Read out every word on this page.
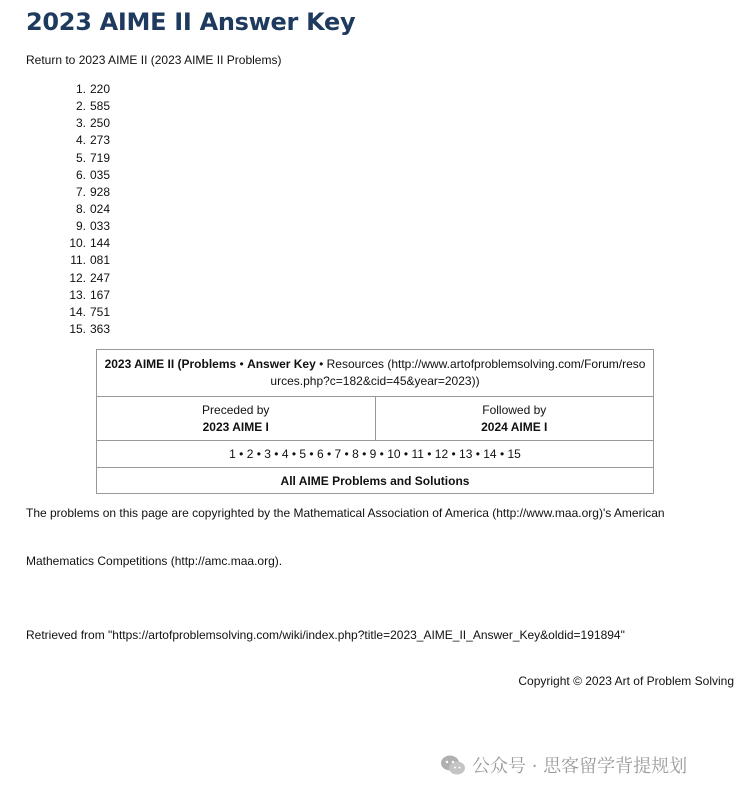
2023 AIME II Answer Key
Return to 2023 AIME II (2023 AIME II Problems)
1. 220
2. 585
3. 250
4. 273
5. 719
6. 035
7. 928
8. 024
9. 033
10. 144
11. 081
12. 247
13. 167
14. 751
15. 363
2023 AIME II (Problems • Answer Key • Resources (http://www.artofproblemsolving.com/Forum/resources.php?c=182&cid=45&year=2023))

Preceded by
2023 AIME I

Followed by
2024 AIME I

1 • 2 • 3 • 4 • 5 • 6 • 7 • 8 • 9 • 10 • 11 • 12 • 13 • 14 • 15
All AIME Problems and Solutions
The problems on this page are copyrighted by the Mathematical Association of America (http://www.maa.org)'s American
Mathematics Competitions (http://amc.maa.org).
Retrieved from "https://artofproblemsolving.com/wiki/index.php?title=2023_AIME_II_Answer_Key&oldid=191894"
Copyright © 2023 Art of Problem Solving
公众号 · 思客留学背提规划
